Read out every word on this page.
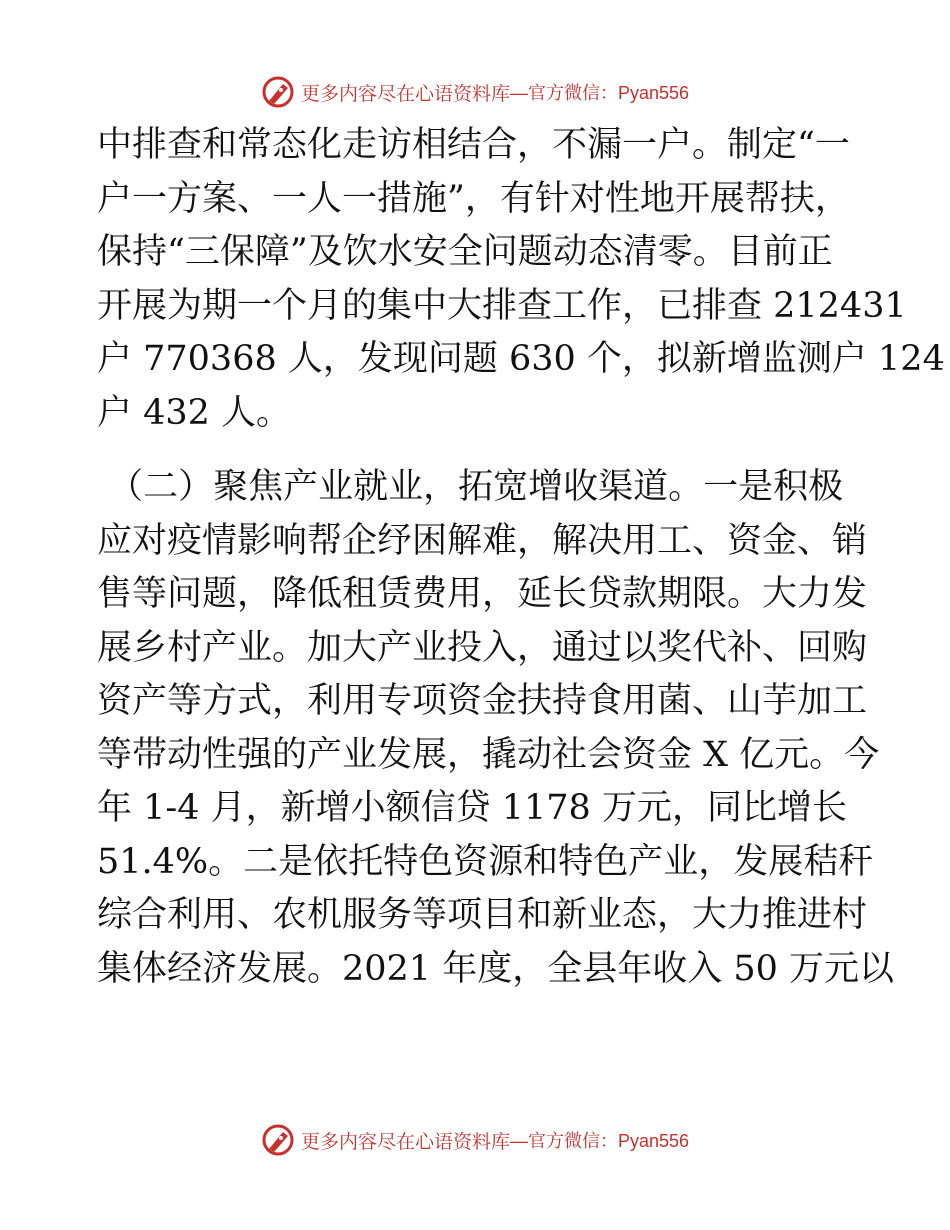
更多内容尽在心语资料库 —官方微信：Pyan556
中排查和常态化走访相结合，不漏一户。制定“一
户一方案、一人一措施”，有针对性地开展帮扶，
保持“三保障”及饮水安全问题动态清零。目前正
开展为期一个月的集中大排查工作，已排查 212431
户 770368 人，发现问题 630 个，拟新增监测户 124
户 432 人。
（二）聚焦产业就业，拓宽增收渠道。一是积极
应对疫情影响帮企纾困解难，解决用工、资金、销
售等问题，降低租赁费用，延长贷款期限。大力发
展乡村产业。加大产业投入，通过以奖代补、回购
资产等方式，利用专项资金扶持食用菌、山芋加工
等带动性强的产业发展，撬动社会资金 X 亿元。今
年 1-4 月，新增小额信贷 1178 万元，同比增长
51.4%。二是依托特色资源和特色产业，发展秸秆
综合利用、农机服务等项目和新业态，大力推进村
集体经济发展。2021 年度，全县年收入 50 万元以
更多内容尽在心语资料库 —官方微信：Pyan556
